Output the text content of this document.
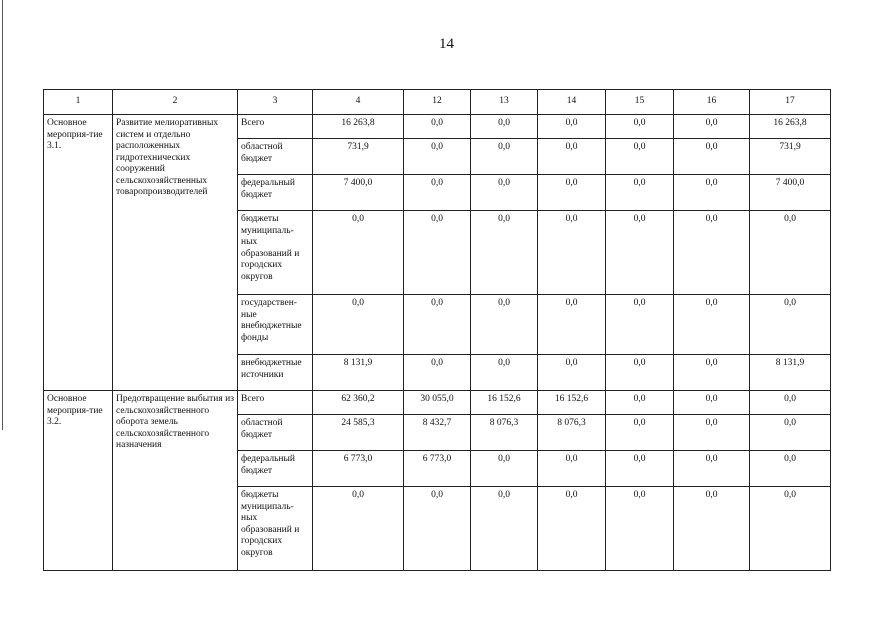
14
1	2	3	4	12	13	14	15	16	17
Основное мероприя-тие 3.1.	Развитие мелиоративных систем и отдельно расположенных гидротехнических сооружений сельскохозяйственных товаропроизводителей	Всего	16 263,8	0,0	0,0	0,0	0,0	0,0	16 263,8
		областной бюджет	731,9	0,0	0,0	0,0	0,0	0,0	731,9
		федеральный бюджет	7 400,0	0,0	0,0	0,0	0,0	0,0	7 400,0
		бюджеты муниципаль-ных образований и городских округов	0,0	0,0	0,0	0,0	0,0	0,0	0,0
		государствен-ные внебюджетные фонды	0,0	0,0	0,0	0,0	0,0	0,0	0,0
		внебюджетные источники	8 131,9	0,0	0,0	0,0	0,0	0,0	8 131,9
Основное мероприя-тие 3.2.	Предотвращение выбытия из сельскохозяйственного оборота земель сельскохозяйственного назначения	Всего	62 360,2	30 055,0	16 152,6	16 152,6	0,0	0,0	0,0
		областной бюджет	24 585,3	8 432,7	8 076,3	8 076,3	0,0	0,0	0,0
		федеральный бюджет	6 773,0	6 773,0	0,0	0,0	0,0	0,0	0,0
		бюджеты муниципаль-ных образований и городских округов	0,0	0,0	0,0	0,0	0,0	0,0	0,0
